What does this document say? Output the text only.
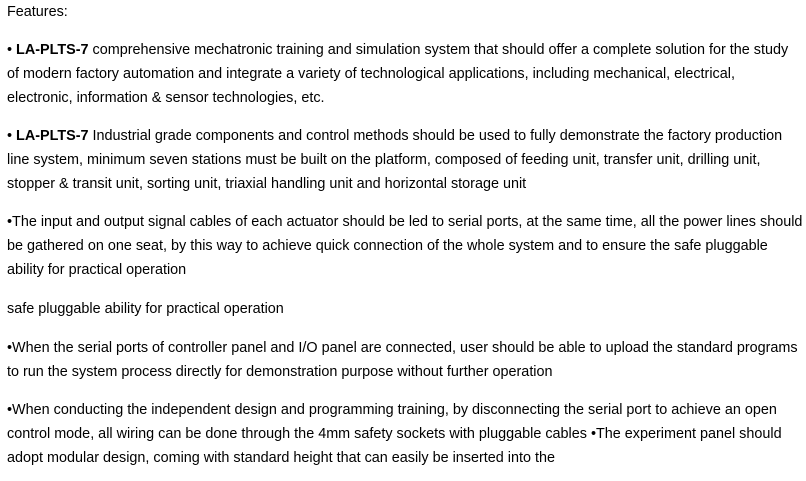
Features:

• LA-PLTS-7 comprehensive mechatronic training and simulation system that should offer a complete solution for the study of modern factory automation and integrate a variety of technological applications, including mechanical, electrical, electronic, information & sensor technologies, etc.

• LA-PLTS-7 Industrial grade components and control methods should be used to fully demonstrate the factory production line system, minimum seven stations must be built on the platform, composed of feeding unit, transfer unit, drilling unit, stopper & transit unit, sorting unit, triaxial handling unit and horizontal storage unit

•The input and output signal cables of each actuator should be led to serial ports, at the same time, all the power lines should be gathered on one seat, by this way to achieve quick connection of the whole system and to ensure the safe pluggable ability for practical operation

safe pluggable ability for practical operation

•When the serial ports of controller panel and I/O panel are connected, user should be able to upload the standard programs to run the system process directly for demonstration purpose without further operation

•When conducting the independent design and programming training, by disconnecting the serial port to achieve an open control mode, all wiring can be done through the 4mm safety sockets with pluggable cables •The experiment panel should adopt modular design, coming with standard height that can easily be inserted into the
